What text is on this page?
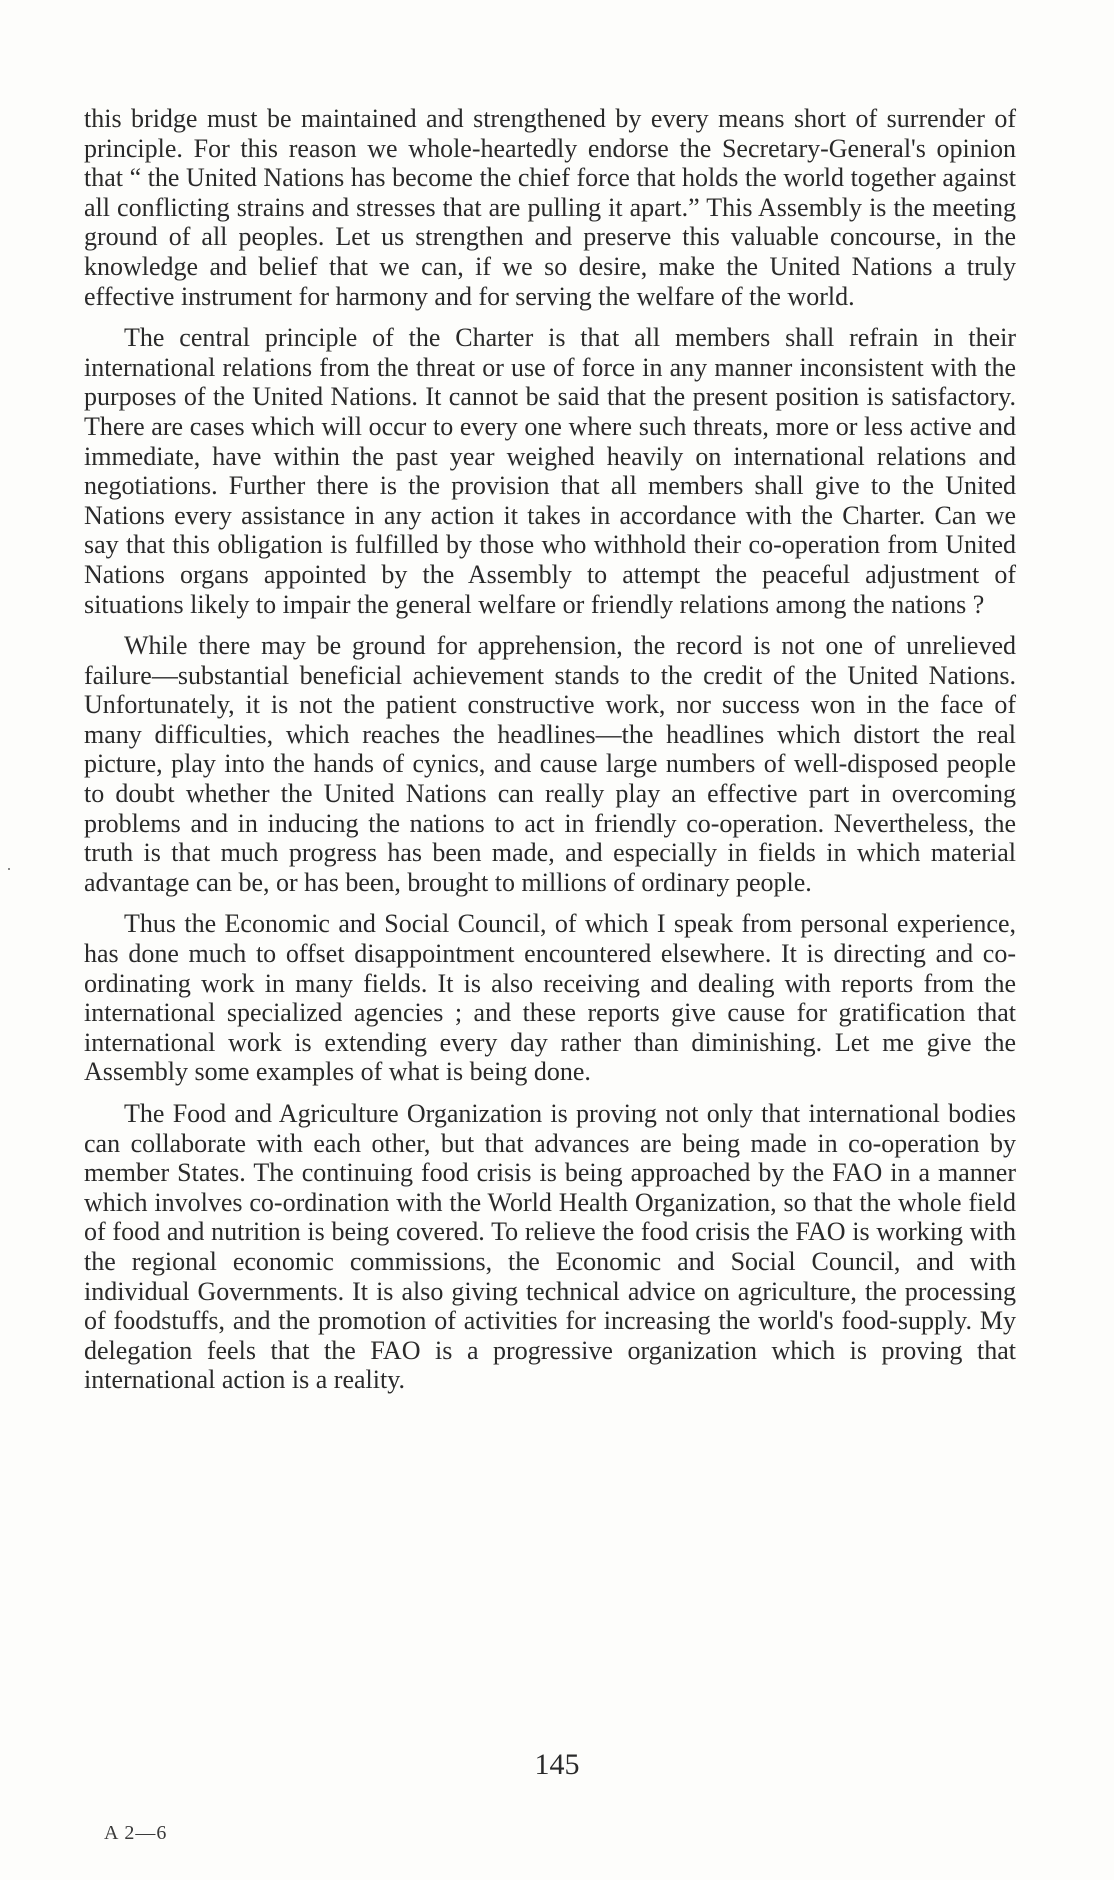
this bridge must be maintained and strengthened by every means short of surrender of principle. For this reason we whole-heartedly endorse the Secretary-General's opinion that “ the United Nations has become the chief force that holds the world together against all conflicting strains and stresses that are pulling it apart.” This Assembly is the meeting ground of all peoples. Let us strengthen and preserve this valuable concourse, in the knowledge and belief that we can, if we so desire, make the United Nations a truly effective instrument for harmony and for serving the welfare of the world.

The central principle of the Charter is that all members shall refrain in their international relations from the threat or use of force in any manner inconsistent with the purposes of the United Nations. It cannot be said that the present position is satisfactory. There are cases which will occur to every one where such threats, more or less active and immediate, have within the past year weighed heavily on international relations and negotiations. Further there is the provision that all members shall give to the United Nations every assistance in any action it takes in accordance with the Charter. Can we say that this obligation is fulfilled by those who withhold their co-operation from United Nations organs appointed by the Assembly to attempt the peaceful adjustment of situations likely to impair the general welfare or friendly relations among the nations ?

While there may be ground for apprehension, the record is not one of unrelieved failure—substantial beneficial achievement stands to the credit of the United Nations. Unfortunately, it is not the patient constructive work, nor success won in the face of many difficulties, which reaches the headlines—the headlines which distort the real picture, play into the hands of cynics, and cause large numbers of well-disposed people to doubt whether the United Nations can really play an effective part in overcoming problems and in inducing the nations to act in friendly co-operation. Nevertheless, the truth is that much progress has been made, and especially in fields in which material advantage can be, or has been, brought to millions of ordinary people.

Thus the Economic and Social Council, of which I speak from personal experience, has done much to offset disappointment encountered elsewhere. It is directing and co-ordinating work in many fields. It is also receiving and dealing with reports from the international specialized agencies ; and these reports give cause for gratification that international work is extending every day rather than diminishing. Let me give the Assembly some examples of what is being done.

The Food and Agriculture Organization is proving not only that international bodies can collaborate with each other, but that advances are being made in co-operation by member States. The continuing food crisis is being approached by the FAO in a manner which involves co-ordination with the World Health Organization, so that the whole field of food and nutrition is being covered. To relieve the food crisis the FAO is working with the regional economic commissions, the Economic and Social Council, and with individual Governments. It is also giving technical advice on agriculture, the processing of foodstuffs, and the promotion of activities for increasing the world's food-supply. My delegation feels that the FAO is a progressive organization which is proving that international action is a reality.

145
A 2—6
